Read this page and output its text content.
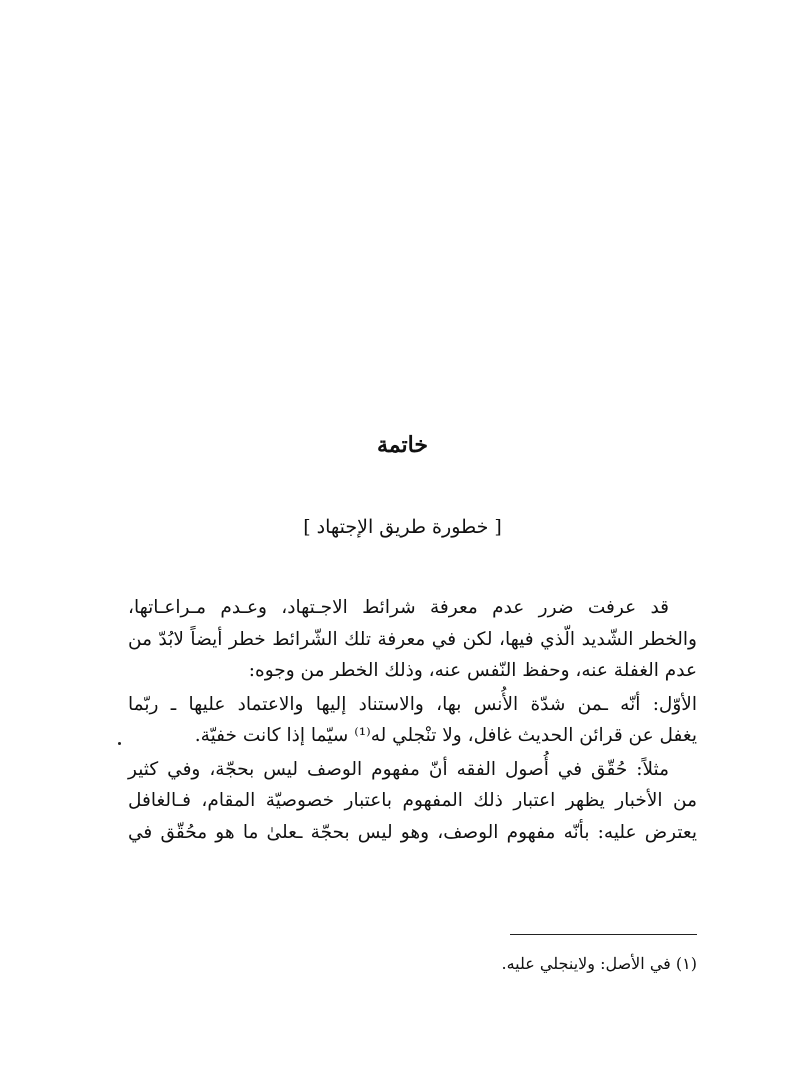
خاتمة
[ خطورة طريق الإجتهاد ]
قد عرفت ضرر عدم معرفة شرائط الاجـتهاد، وعـدم مـراعـاتها،
والخطر الشّديد الّذي فيها، لكن في معرفة تلك الشّرائط خطر أيضاً لابُدّ من
عدم الغفلة عنه، وحفظ النّفس عنه، وذلك الخطر من وجوه:
الأوّل: أنّه ـمن شدّة الأُنس بها، والاستناد إليها والاعتماد عليها ـ ربّما
يغفل عن قرائن الحديث غافل، ولا تنْجلي له⁽¹⁾ سيّما إذا كانت خفيّة.
مثلاً: حُقّق في أُصول الفقه أنّ مفهوم الوصف ليس بحجّة، وفي كثير
من الأخبار يظهر اعتبار ذلك المفهوم باعتبار خصوصيّة المقام، فـالغافل
يعترض عليه: بأنّه مفهوم الوصف، وهو ليس بحجّة ـعلىٰ ما هو محُقّق في
(١) في الأصل: ولاينجلي عليه.
